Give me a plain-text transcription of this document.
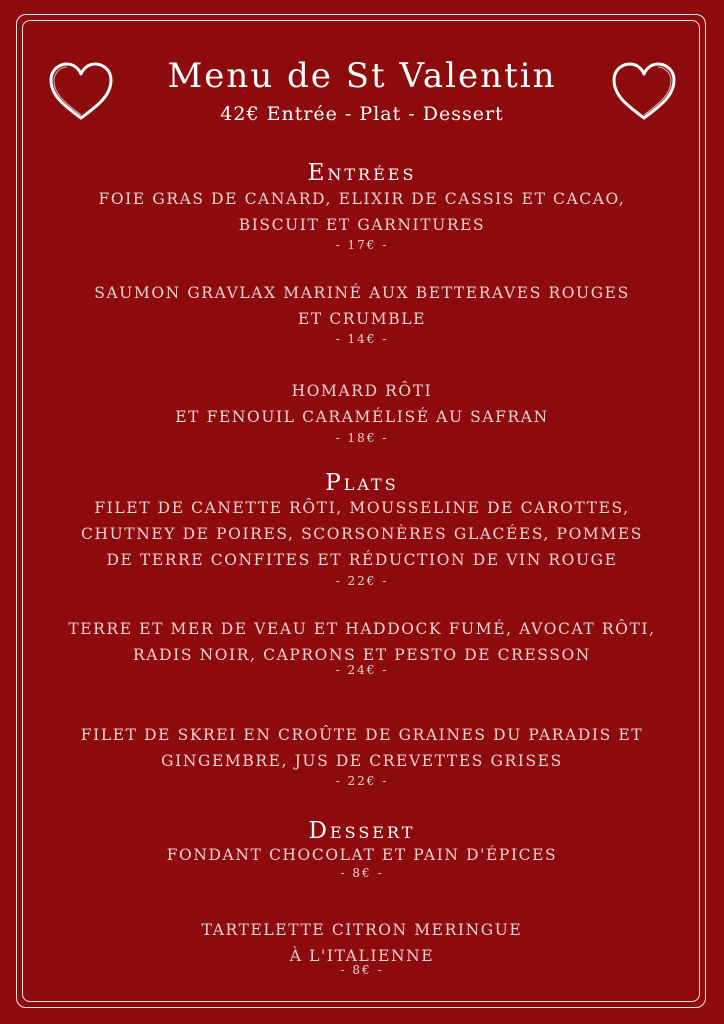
Menu de St Valentin
42€ Entrée - Plat - Dessert
Entrées
FOIE GRAS DE CANARD, ELIXIR DE CASSIS ET CACAO,
BISCUIT ET GARNITURES
- 17€ -
SAUMON GRAVLAX MARINÉ AUX BETTERAVES ROUGES
ET CRUMBLE
- 14€ -
HOMARD RÔTI
ET FENOUIL CARAMÉLISÉ AU SAFRAN
- 18€ -
Plats
FILET DE CANETTE RÔTI, MOUSSELINE DE CAROTTES,
CHUTNEY DE POIRES, SCORSONÈRES GLACÉES, POMMES
DE TERRE CONFITES ET RÉDUCTION DE VIN ROUGE
- 22€ -
TERRE ET MER DE VEAU ET HADDOCK FUMÉ, AVOCAT RÔTI,
RADIS NOIR, CAPRONS ET PESTO DE CRESSON
- 24€ -
FILET DE SKREI EN CROÛTE DE GRAINES DU PARADIS ET
GINGEMBRE, JUS DE CREVETTES GRISES
- 22€ -
Dessert
FONDANT CHOCOLAT ET PAIN D'ÉPICES
- 8€ -
TARTELETTE CITRON MERINGUE
À L'ITALIENNE
- 8€ -
